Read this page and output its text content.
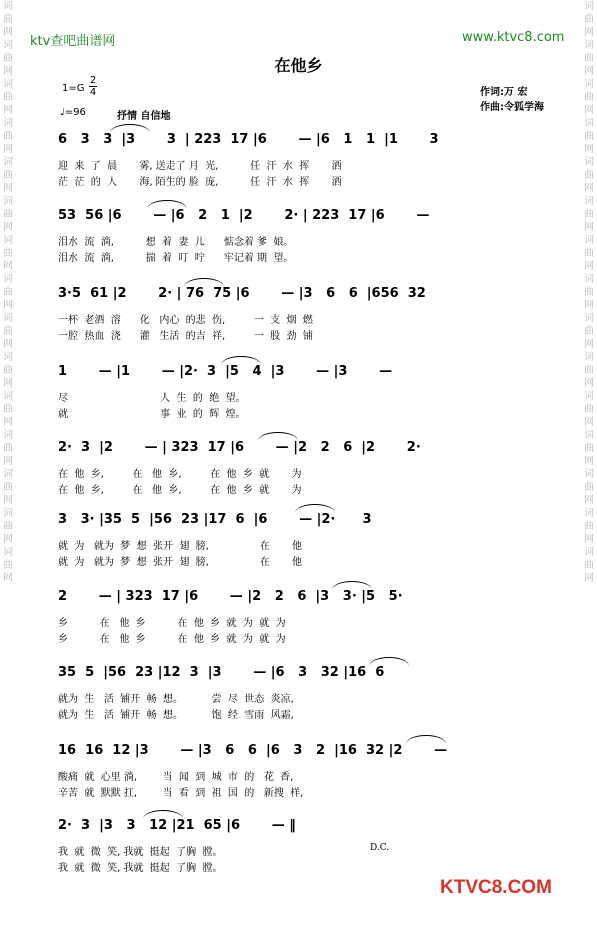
词 曲 网 词 曲 网 词 曲 网 词 曲 网 词 曲 网 词 曲 网 词 曲 网 词 曲 网 词 曲 网 词 曲 网 词 曲 网 词 曲 网 词 曲 网 词 曲 网 词 曲 网
词 曲 网 词 曲 网 词 曲 网 词 曲 网 词 曲 网 词 曲 网 词 曲 网 词 曲 网 词 曲 网 词 曲 网 词 曲 网 词 曲 网 词 曲 网 词 曲 网 词 曲 网
ktv查吧曲谱网	www.ktvc8.com
在他乡
1=G
2
4
♩=96	抒情 自信地
作词:万 宏
作曲:令狐学海
6   3   3  |3       3  | 223  17 |6       — |6   1   1  |1       3
迎  来  了  晨       雾, 送走了 月  光,          任  汗  水  挥       洒
茫  茫  的  人       海, 陌生的 脸  庞,          任  汗  水  挥       洒
53  56 |6       — |6   2   1  |2       2· | 223  17 |6       —
泪水  流  淌,          想  着  妻  儿      惦念着 爹  娘。
泪水  流  淌,          揣  着  叮  咛      牢记着 期  望。
3·5  61 |2       2· | 76  75 |6       — |3   6   6  |656  32
一杯  老酒  溶      化   内心  的悲  伤,         一  支  烟  燃
一腔  热血  浇      灌   生活  的吉  祥,         一  股  劲  铺
1       — |1       — |2·  3  |5   4  |3       — |3       —
尽                             人  生  的  绝  望。
就                             事  业  的  辉  煌。
2·  3  |2       — | 323  17 |6       — |2   2   6  |2       2·
在  他  乡,         在   他  乡,         在  他  乡  就       为
在  他  乡,         在   他  乡,         在  他  乡  就       为
3   3· |35  5  |56  23 |17  6  |6       — |2·      3
就  为   就为  梦  想  张开  翅  膀,                在       他
就  为   就为  梦  想  张开  翅  膀,                在       他
2       — | 323  17 |6       — |2   2   6  |3   3· |5   5·
乡          在   他  乡          在  他  乡  就  为  就  为
乡          在   他  乡          在  他  乡  就  为  就  为
35  5  |56  23 |12  3  |3       — |6   3   32 |16  6
就为  生   活  铺开  畅  想。         尝  尽  世态  炎凉,
就为  生   活  铺开  畅  想。         饱  经  雪雨  风霜,
16  16  12 |3       — |3   6   6  |6   3   2  |16  32 |2       —
酸痛  就  心里 淌,        当  闻  到  城  市  的   花  香,
辛苦  就  默默 扛,        当  看  到  祖  国  的   新搜  样,
2·  3  |3   3   12 |21  65 |6       — ‖
我  就  微  笑, 我就  挺起  了胸  膛。
我  就  微  笑, 我就  挺起  了胸  膛。
D.C.
KTVC8.COM
